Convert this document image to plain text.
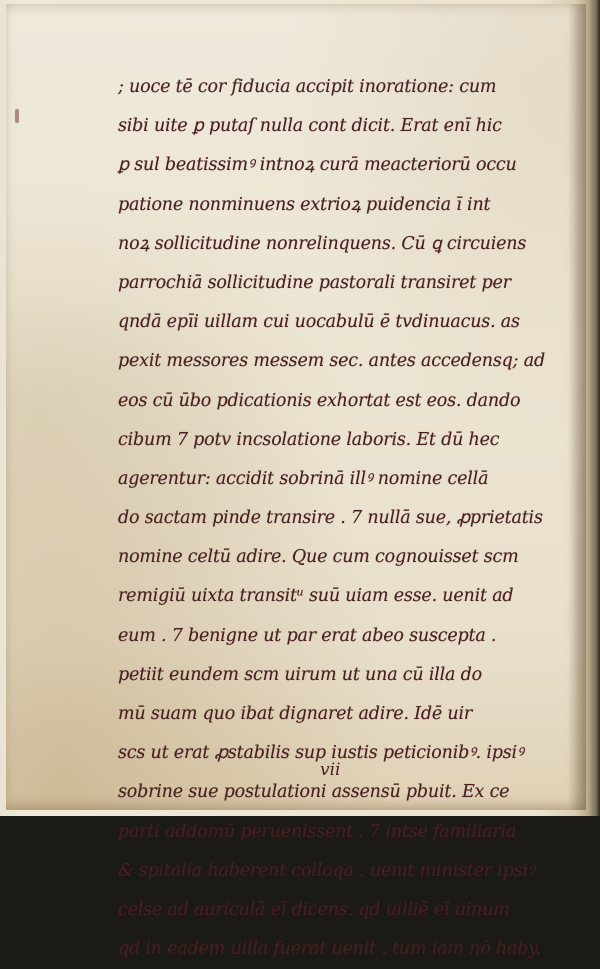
; uoce tē cor fiducia accipit inoratione: cum
sibi uite ꝑ putaſ nulla cont dicit. Erat enī hic
ꝑ sul beatissimꝰ intnoꝝ curā meacteriorū occu
patione nonminuens extrioꝝ puidencia ī int
noꝝ sollicitudine nonrelinquens. Cū ꝗ circuiens
parrochiā sollicitudine pastorali transiret per
qndā epīi uillam cui uocabulū ē tvdinuacus. as
pexit messores messem sec. antes accedensq; ad
eos cū ūbo pdicationis exhortat est eos. dando
cibum 7 potv incsolatione laboris. Et dū hec
agerentur: accidit sobrinā illꝰ nomine cellā
do sactam pinde transire . 7 nullā sue, ꝓprietatis
nomine celtū adire. Que cum cognouisset scm
remigiū uixta transitᵘ suū uiam esse. uenit ad
eum . 7 benigne ut par erat abeo suscepta .
petiit eundem scm uirum ut una cū illa do
mū suam quo ibat dignaret adire. Idē uir
scs ut erat ꝓstabilis sup iustis peticionibꝰ. ipsiꝰ
sobrine sue postulationi assensū pbuit. Ex ce
parti addomū peruenissent . 7 intse familiaria
& spitalia haberent colloqa . uenit minister ipsiꝰ
celse ad auriculā eī dicens. qd uilliē eī uinum
qd in eadem uilla fuerat uenit . tum iam nō haby.
vii
